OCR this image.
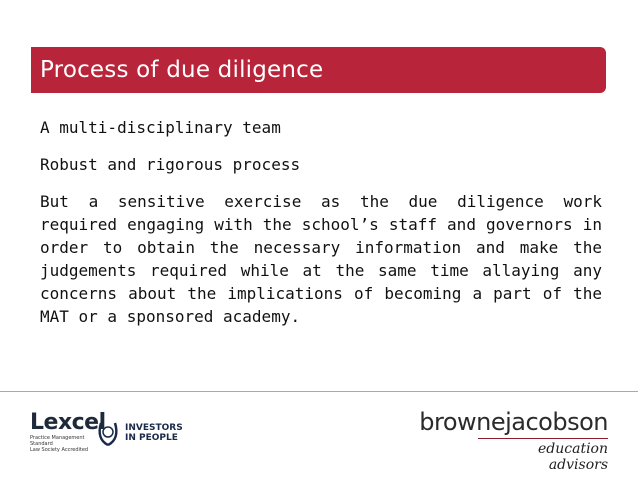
Process of due diligence

A multi-disciplinary team

Robust and rigorous process

But a sensitive exercise as the due diligence work required engaging with the school’s staff and governors in order to obtain the necessary information and make the judgements required while at the same time allaying any concerns about the implications of becoming a part of the MAT or a sponsored academy.

Lexcel
Practice Management Standard
Law Society Accredited
INVESTORS
IN PEOPLE
brownejacobson
education advisors
